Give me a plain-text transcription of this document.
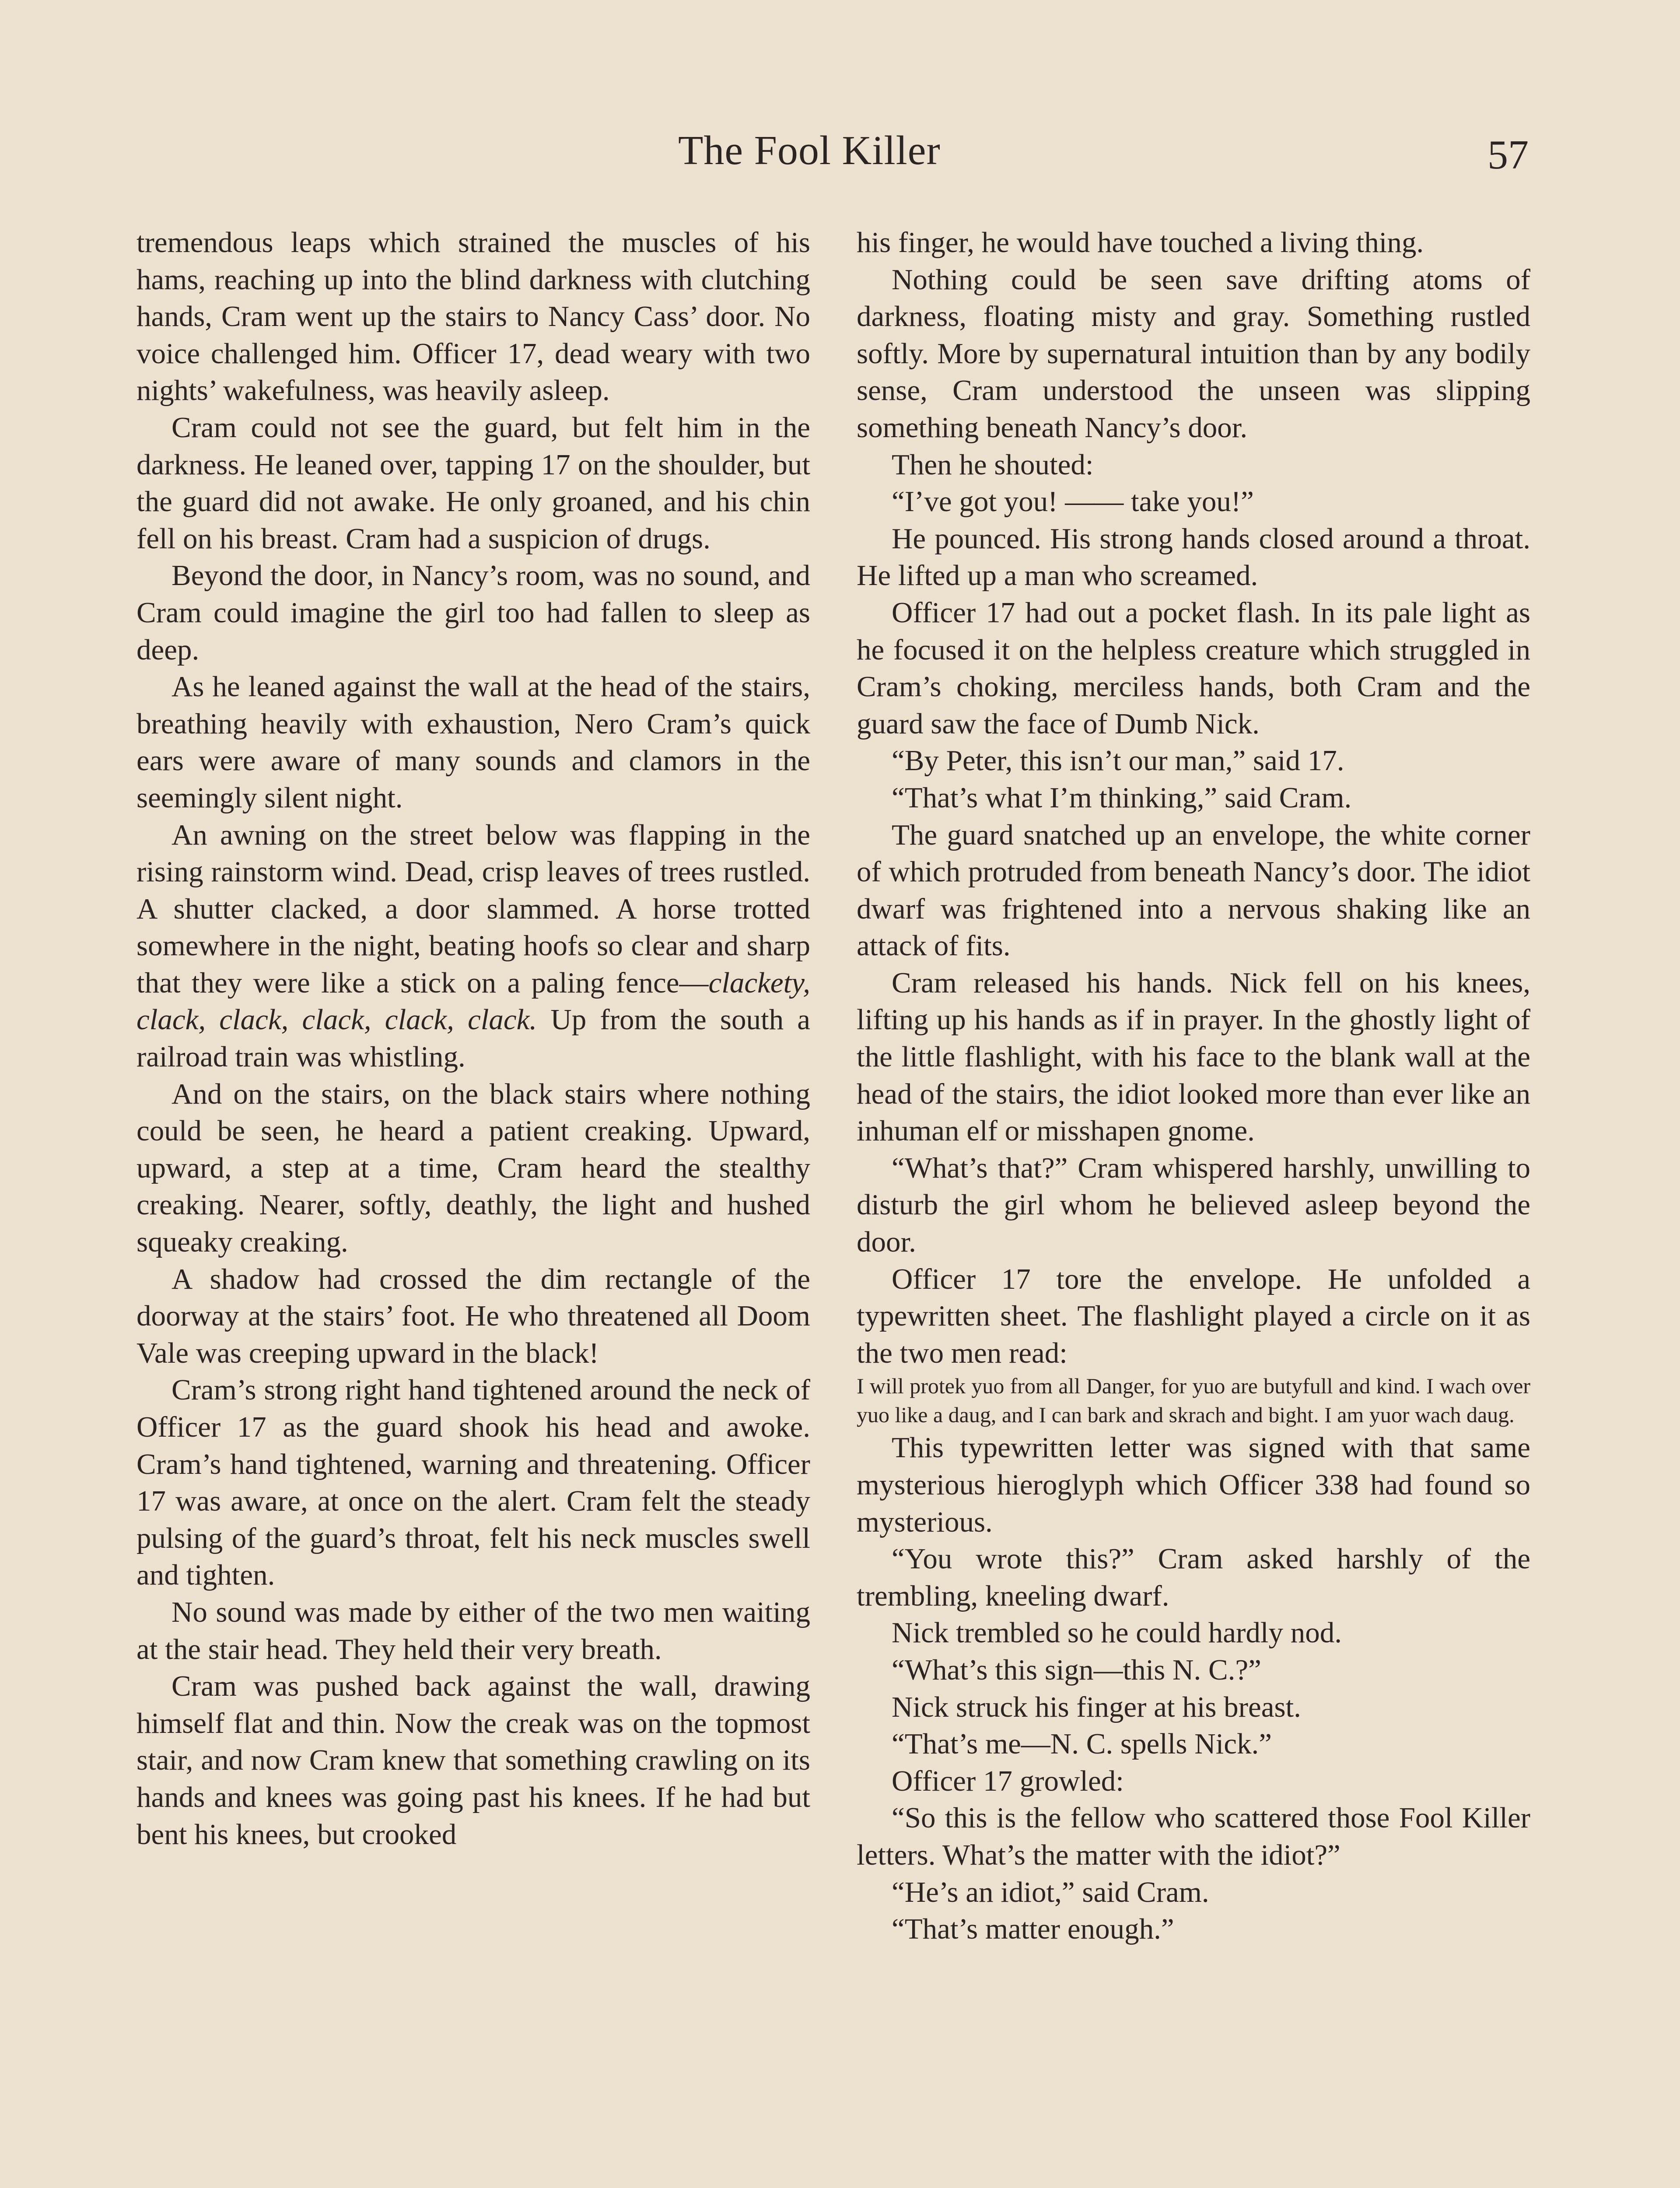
The Fool Killer	57

tremendous leaps which strained the muscles of his hams, reaching up into the blind darkness with clutching hands, Cram went up the stairs to Nancy Cass’ door. No voice challenged him. Officer 17, dead weary with two nights’ wakefulness, was heavily asleep.

Cram could not see the guard, but felt him in the darkness. He leaned over, tapping 17 on the shoulder, but the guard did not awake. He only groaned, and his chin fell on his breast. Cram had a suspicion of drugs.

Beyond the door, in Nancy’s room, was no sound, and Cram could imagine the girl too had fallen to sleep as deep.

As he leaned against the wall at the head of the stairs, breathing heavily with exhaustion, Nero Cram’s quick ears were aware of many sounds and clamors in the seemingly silent night.

An awning on the street below was flapping in the rising rainstorm wind. Dead, crisp leaves of trees rustled. A shutter clacked, a door slammed. A horse trotted somewhere in the night, beating hoofs so clear and sharp that they were like a stick on a paling fence—clackety, clack, clack, clack, clack, clack. Up from the south a railroad train was whistling.

And on the stairs, on the black stairs where nothing could be seen, he heard a patient creaking. Upward, upward, a step at a time, Cram heard the stealthy creaking. Nearer, softly, deathly, the light and hushed squeaky creaking.

A shadow had crossed the dim rectangle of the doorway at the stairs’ foot. He who threatened all Doom Vale was creeping upward in the black!

Cram’s strong right hand tightened around the neck of Officer 17 as the guard shook his head and awoke. Cram’s hand tightened, warning and threatening. Officer 17 was aware, at once on the alert. Cram felt the steady pulsing of the guard’s throat, felt his neck muscles swell and tighten.

No sound was made by either of the two men waiting at the stair head. They held their very breath.

Cram was pushed back against the wall, drawing himself flat and thin. Now the creak was on the topmost stair, and now Cram knew that something crawling on its hands and knees was going past his knees. If he had but bent his knees, but crooked

his finger, he would have touched a living thing.

Nothing could be seen save drifting atoms of darkness, floating misty and gray. Something rustled softly. More by supernatural intuition than by any bodily sense, Cram understood the unseen was slipping something beneath Nancy’s door.

Then he shouted:

“I’ve got you! —— take you!”

He pounced. His strong hands closed around a throat. He lifted up a man who screamed.

Officer 17 had out a pocket flash. In its pale light as he focused it on the helpless creature which struggled in Cram’s choking, merciless hands, both Cram and the guard saw the face of Dumb Nick.

“By Peter, this isn’t our man,” said 17.

“That’s what I’m thinking,” said Cram.

The guard snatched up an envelope, the white corner of which protruded from beneath Nancy’s door. The idiot dwarf was frightened into a nervous shaking like an attack of fits.

Cram released his hands. Nick fell on his knees, lifting up his hands as if in prayer. In the ghostly light of the little flashlight, with his face to the blank wall at the head of the stairs, the idiot looked more than ever like an inhuman elf or misshapen gnome.

“What’s that?” Cram whispered harshly, unwilling to disturb the girl whom he believed asleep beyond the door.

Officer 17 tore the envelope. He unfolded a typewritten sheet. The flashlight played a circle on it as the two men read:

I will protek yuo from all Danger, for yuo are butyfull and kind. I wach over yuo like a daug, and I can bark and skrach and bight. I am yuor wach daug.

This typewritten letter was signed with that same mysterious hieroglyph which Officer 338 had found so mysterious.

“You wrote this?” Cram asked harshly of the trembling, kneeling dwarf.

Nick trembled so he could hardly nod.

“What’s this sign—this N. C.?”

Nick struck his finger at his breast.

“That’s me—N. C. spells Nick.”

Officer 17 growled:

“So this is the fellow who scattered those Fool Killer letters. What’s the matter with the idiot?”

“He’s an idiot,” said Cram.

“That’s matter enough.”
